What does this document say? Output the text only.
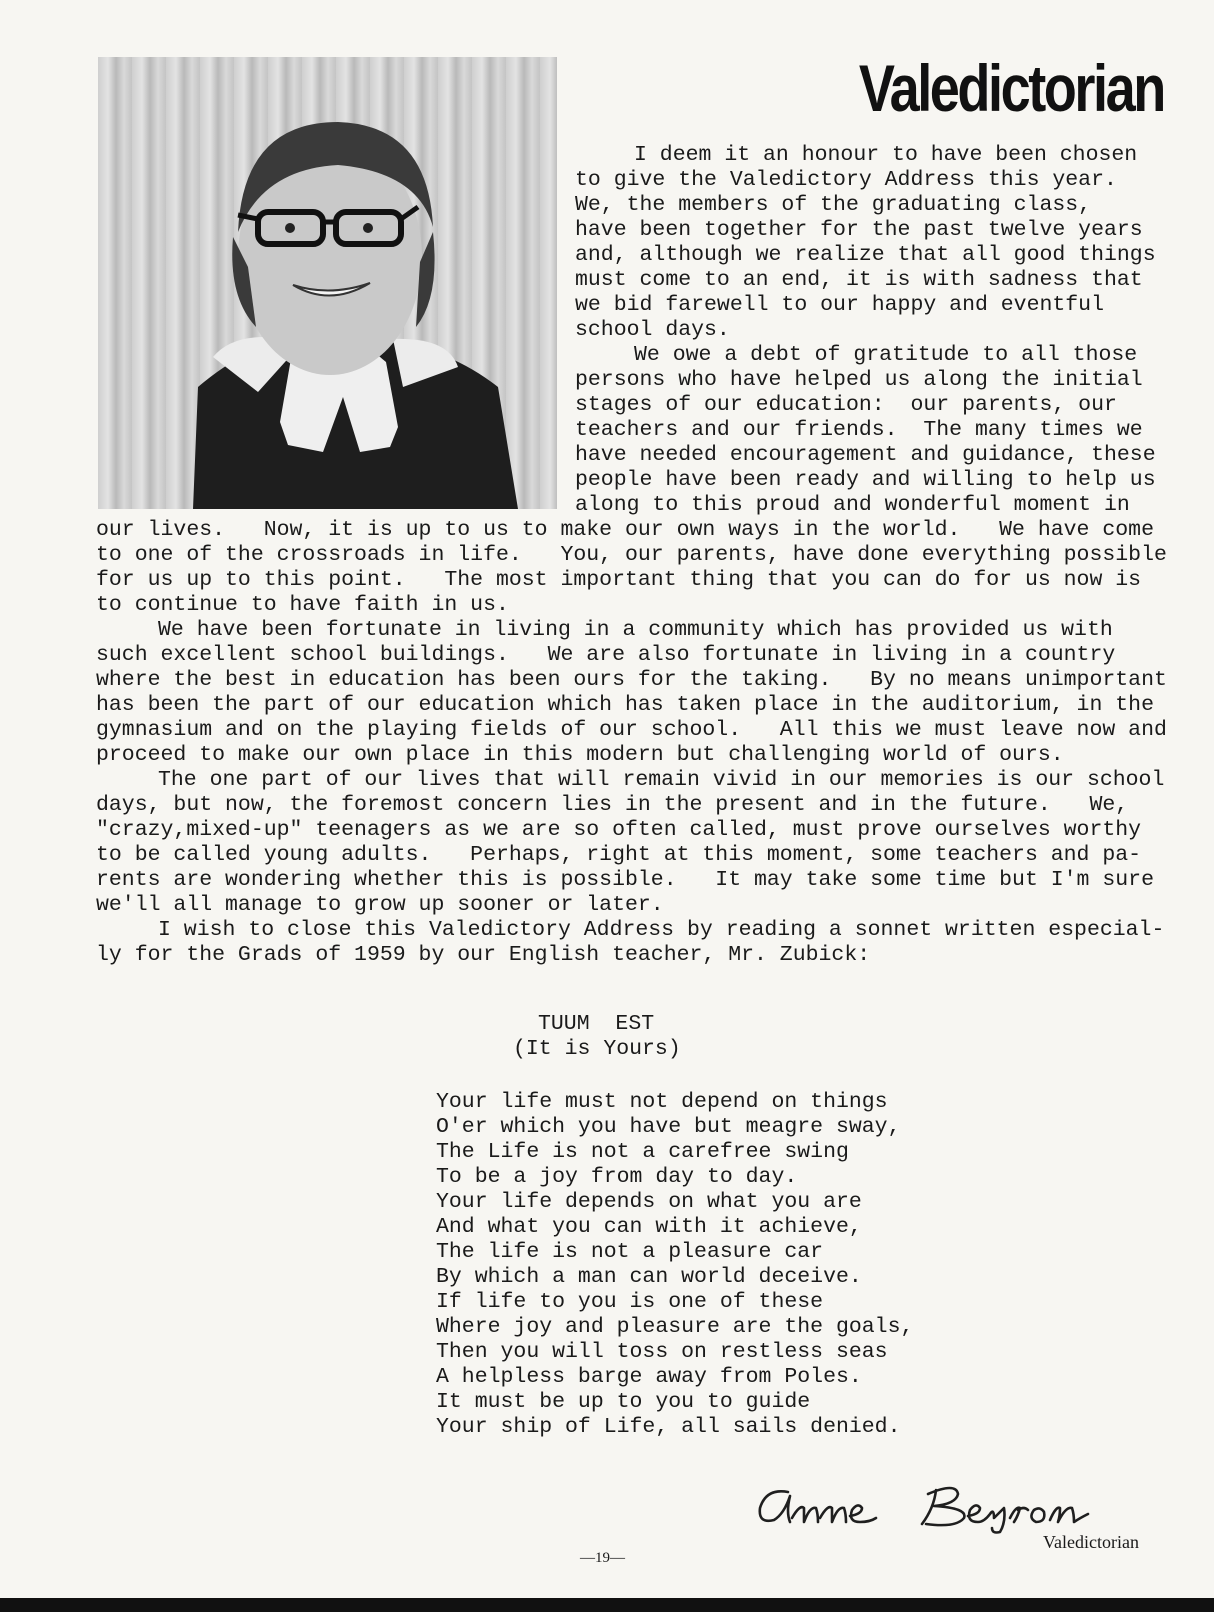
Valedictorian
I deem it an honour to have been chosen
to give the Valedictory Address this year.
We, the members of the graduating class,
have been together for the past twelve years
and, although we realize that all good things
must come to an end, it is with sadness that
we bid farewell to our happy and eventful
school days.
We owe a debt of gratitude to all those
persons who have helped us along the initial
stages of our education:  our parents, our
teachers and our friends.  The many times we
have needed encouragement and guidance, these
people have been ready and willing to help us
along to this proud and wonderful moment in
our lives.   Now, it is up to us to make our own ways in the world.   We have come
to one of the crossroads in life.   You, our parents, have done everything possible
for us up to this point.   The most important thing that you can do for us now is
to continue to have faith in us.
We have been fortunate in living in a community which has provided us with
such excellent school buildings.   We are also fortunate in living in a country
where the best in education has been ours for the taking.   By no means unimportant
has been the part of our education which has taken place in the auditorium, in the
gymnasium and on the playing fields of our school.   All this we must leave now and
proceed to make our own place in this modern but challenging world of ours.
The one part of our lives that will remain vivid in our memories is our school
days, but now, the foremost concern lies in the present and in the future.   We,
"crazy,mixed-up" teenagers as we are so often called, must prove ourselves worthy
to be called young adults.   Perhaps, right at this moment, some teachers and pa-
rents are wondering whether this is possible.   It may take some time but I'm sure
we'll all manage to grow up sooner or later.
I wish to close this Valedictory Address by reading a sonnet written especial-
ly for the Grads of 1959 by our English teacher, Mr. Zubick:
TUUM  EST
(It is Yours)
Your life must not depend on things
O'er which you have but meagre sway,
The Life is not a carefree swing
To be a joy from day to day.
Your life depends on what you are
And what you can with it achieve,
The life is not a pleasure car
By which a man can world deceive.
If life to you is one of these
Where joy and pleasure are the goals,
Then you will toss on restless seas
A helpless barge away from Poles.
It must be up to you to guide
Your ship of Life, all sails denied.
Valedictorian
—19—
